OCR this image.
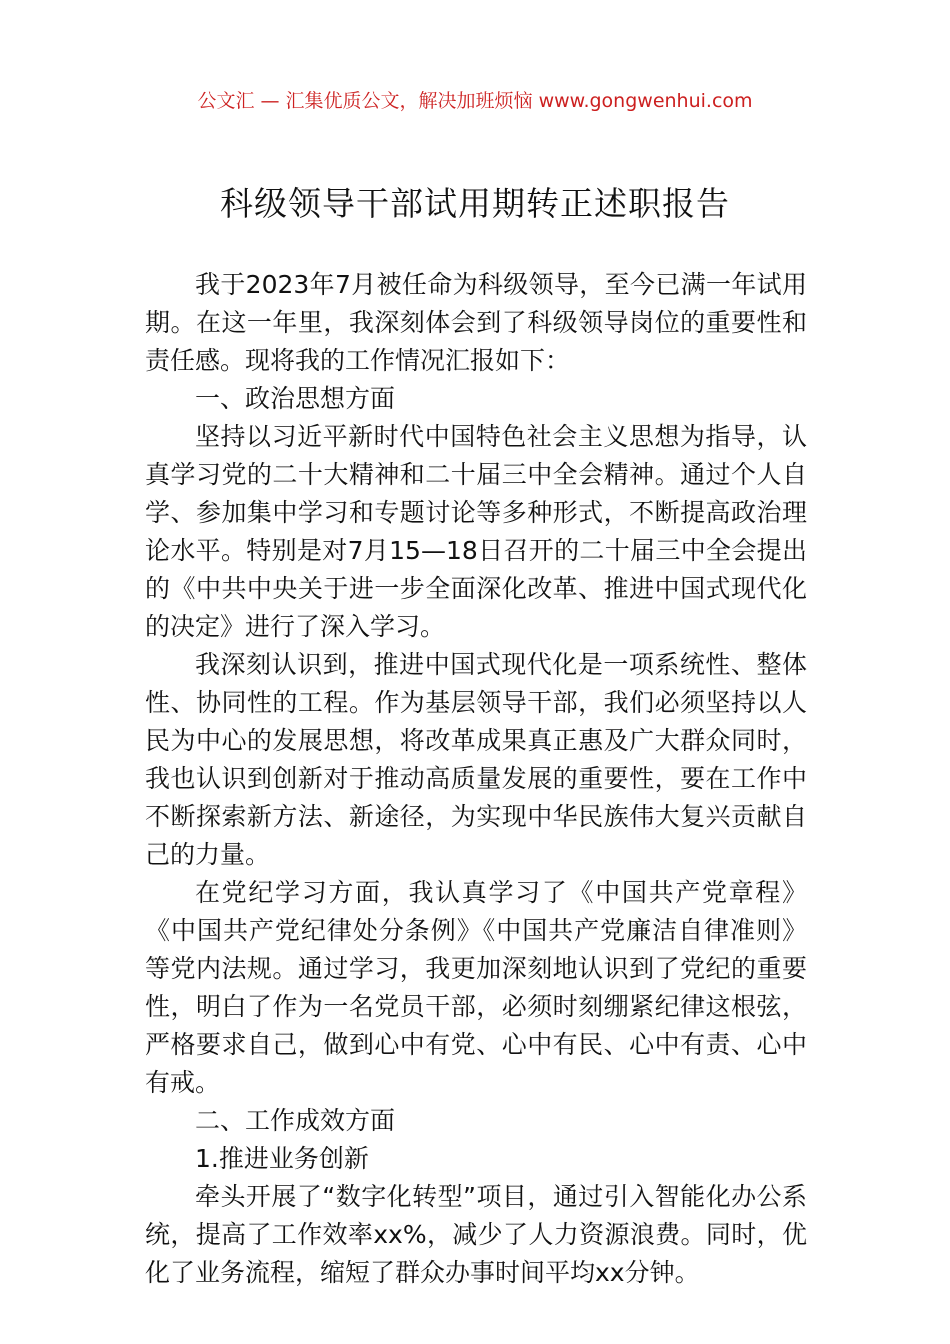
公文汇 — 汇集优质公文，解决加班烦恼 www.gongwenhui.com
科级领导干部试用期转正述职报告

我于2023年7月被任命为科级领导，至今已满一年试用期。在这一年里，我深刻体会到了科级领导岗位的重要性和责任感。现将我的工作情况汇报如下：

一、政治思想方面

坚持以习近平新时代中国特色社会主义思想为指导，认真学习党的二十大精神和二十届三中全会精神。通过个人自学、参加集中学习和专题讨论等多种形式，不断提高政治理论水平。特别是对7月15—18日召开的二十届三中全会提出的《中共中央关于进一步全面深化改革、推进中国式现代化的决定》进行了深入学习。

我深刻认识到，推进中国式现代化是一项系统性、整体性、协同性的工程。作为基层领导干部，我们必须坚持以人民为中心的发展思想，将改革成果真正惠及广大群众同时，我也认识到创新对于推动高质量发展的重要性，要在工作中不断探索新方法、新途径，为实现中华民族伟大复兴贡献自己的力量。

在党纪学习方面，我认真学习了《中国共产党章程》《中国共产党纪律处分条例》《中国共产党廉洁自律准则》等党内法规。通过学习，我更加深刻地认识到了党纪的重要性，明白了作为一名党员干部，必须时刻绷紧纪律这根弦，严格要求自己，做到心中有党、心中有民、心中有责、心中有戒。

二、工作成效方面

1.推进业务创新

牵头开展了“数字化转型”项目，通过引入智能化办公系统，提高了工作效率xx%，减少了人力资源浪费。同时，优化了业务流程，缩短了群众办事时间平均xx分钟。
